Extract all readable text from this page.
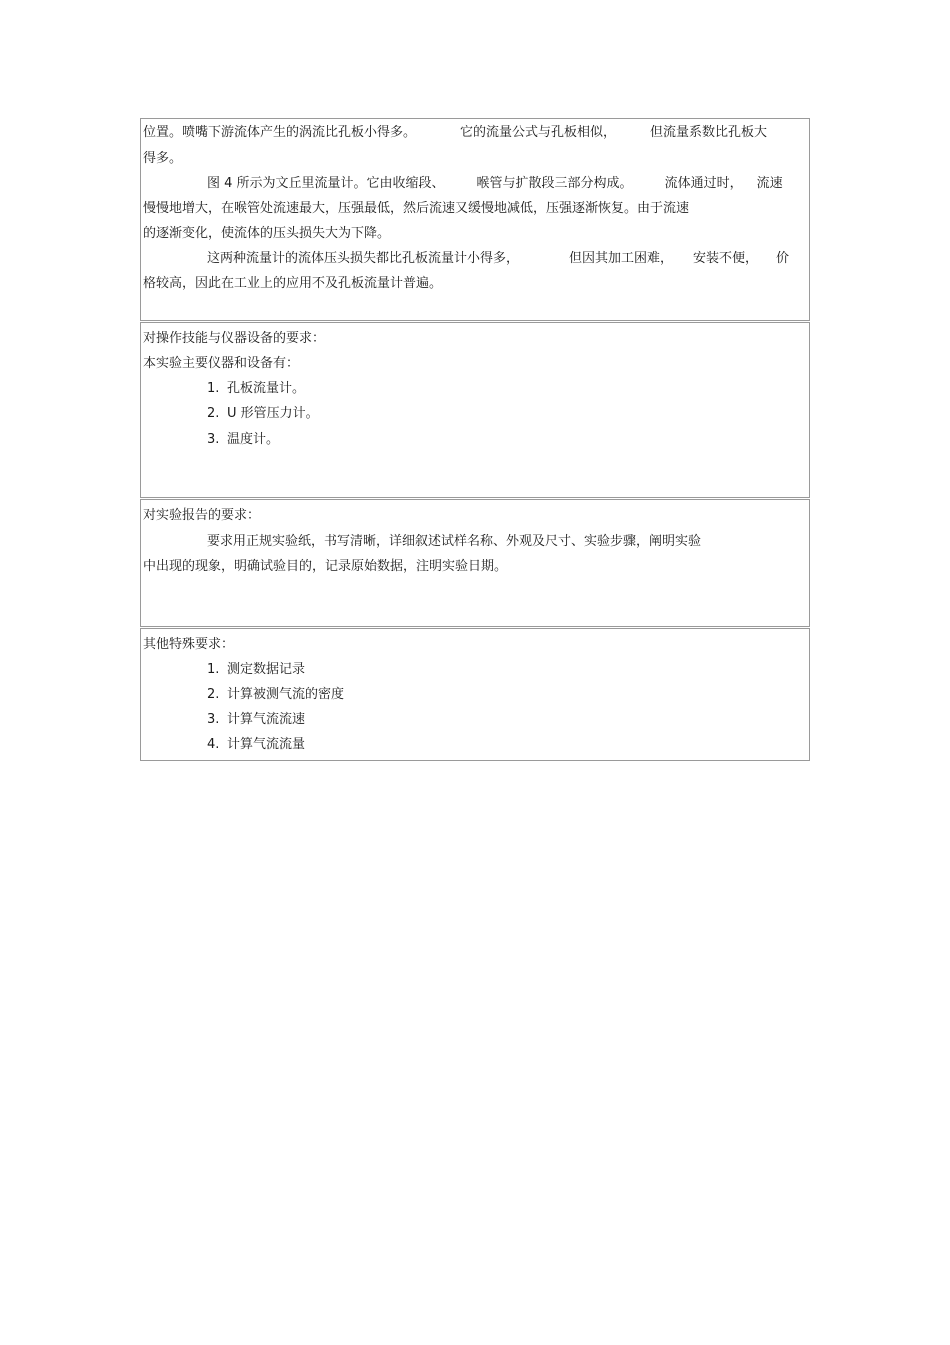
位置。喷嘴下游流体产生的涡流比孔板小得多。	它的流量公式与孔板相似，	但流量系数比孔板大
得多。
图 4 所示为文丘里流量计。它由收缩段、 喉管与扩散段三部分构成。 流体通过时， 流速
慢慢地增大，在喉管处流速最大，压强最低，然后流速又缓慢地减低，压强逐渐恢复。由于流速
的逐渐变化，使流体的压头损失大为下降。
这两种流量计的流体压头损失都比孔板流量计小得多，	但因其加工困难， 安装不便， 价
格较高，因此在工业上的应用不及孔板流量计普遍。
对操作技能与仪器设备的要求：
本实验主要仪器和设备有：
1. 孔板流量计。
2. U 形管压力计。
3. 温度计。
对实验报告的要求：
要求用正规实验纸，书写清晰，详细叙述试样名称、外观及尺寸、实验步骤，阐明实验
中出现的现象，明确试验目的，记录原始数据，注明实验日期。
其他特殊要求：
1. 测定数据记录
2. 计算被测气流的密度
3. 计算气流流速
4. 计算气流流量
